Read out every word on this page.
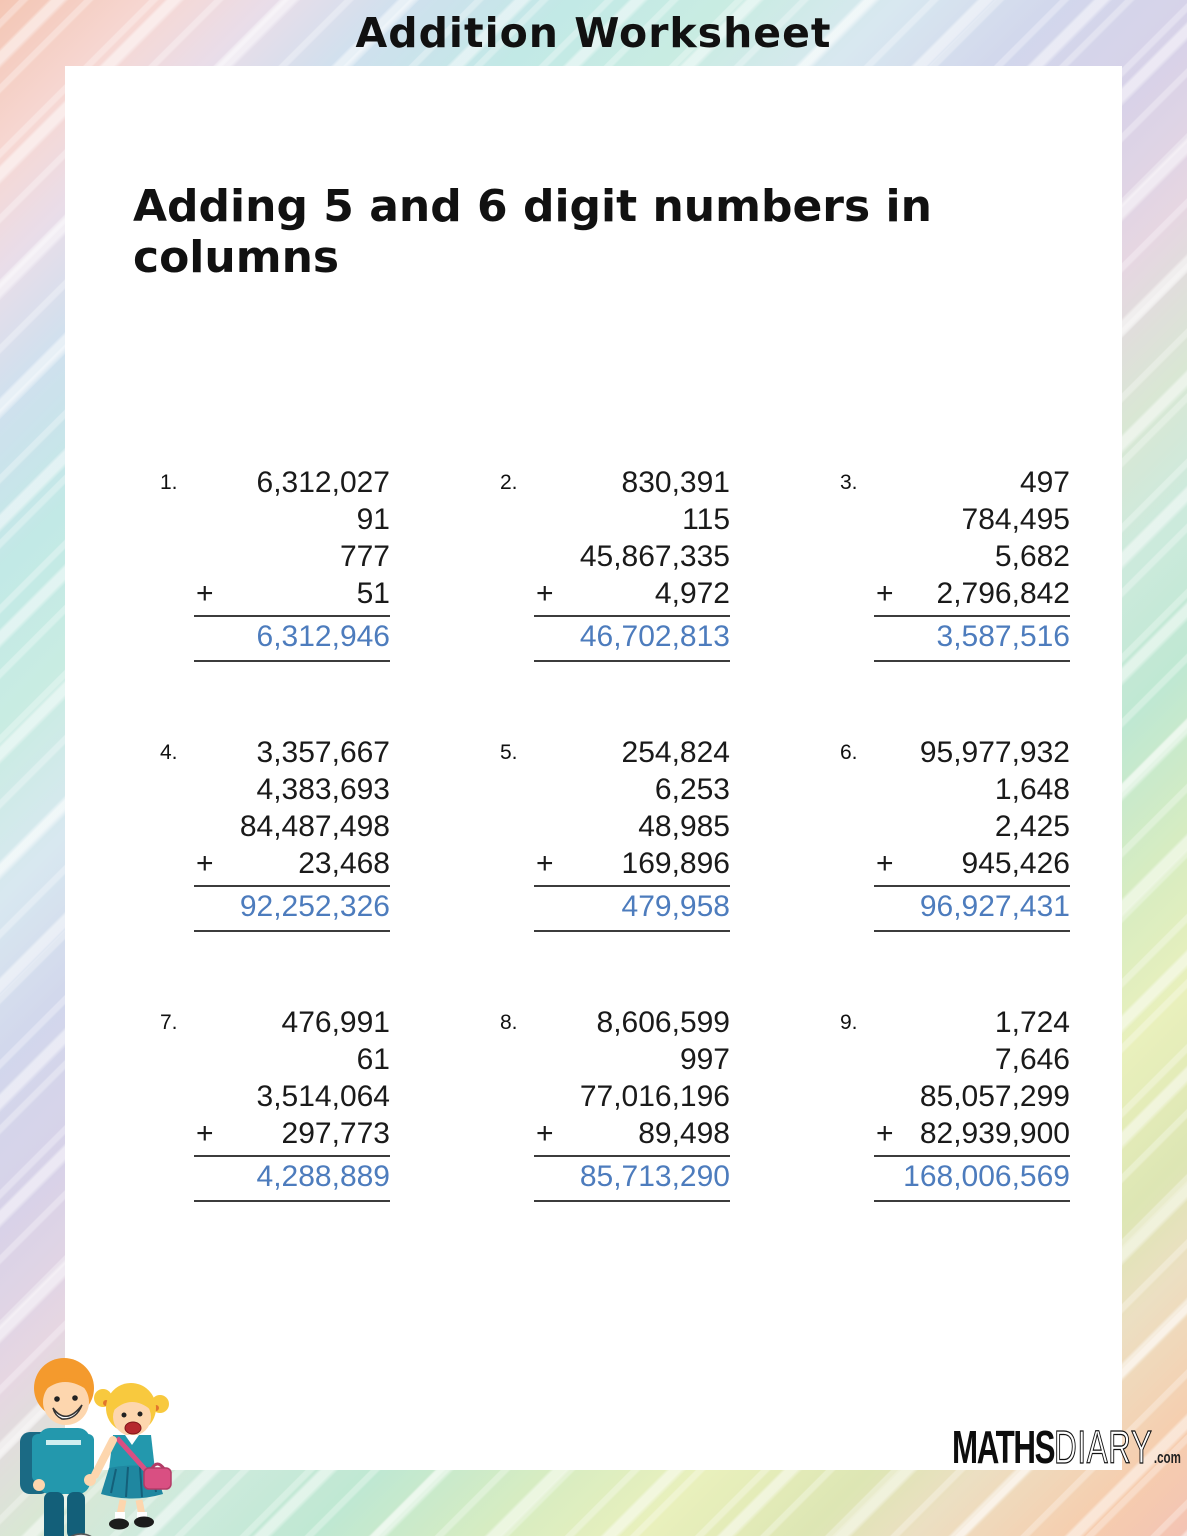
Addition Worksheet
Adding 5 and 6 digit numbers in columns
1.	6,312,027
91
777
+	51
6,312,946
2.	830,391
115
45,867,335
+	4,972
46,702,813
3.	497
784,495
5,682
+ 2,796,842
3,587,516
4.	3,357,667
4,383,693
84,487,498
+	23,468
92,252,326
5.	254,824
6,253
48,985
+ 169,896
479,958
6.	95,977,932
1,648
2,425
+ 945,426
96,927,431
7.	476,991
61
3,514,064
+ 297,773
4,288,889
8.	8,606,599
997
77,016,196
+	89,498
85,713,290
9.	1,724
7,646
85,057,299
+ 82,939,900
168,006,569
MATHSDIARY.com
